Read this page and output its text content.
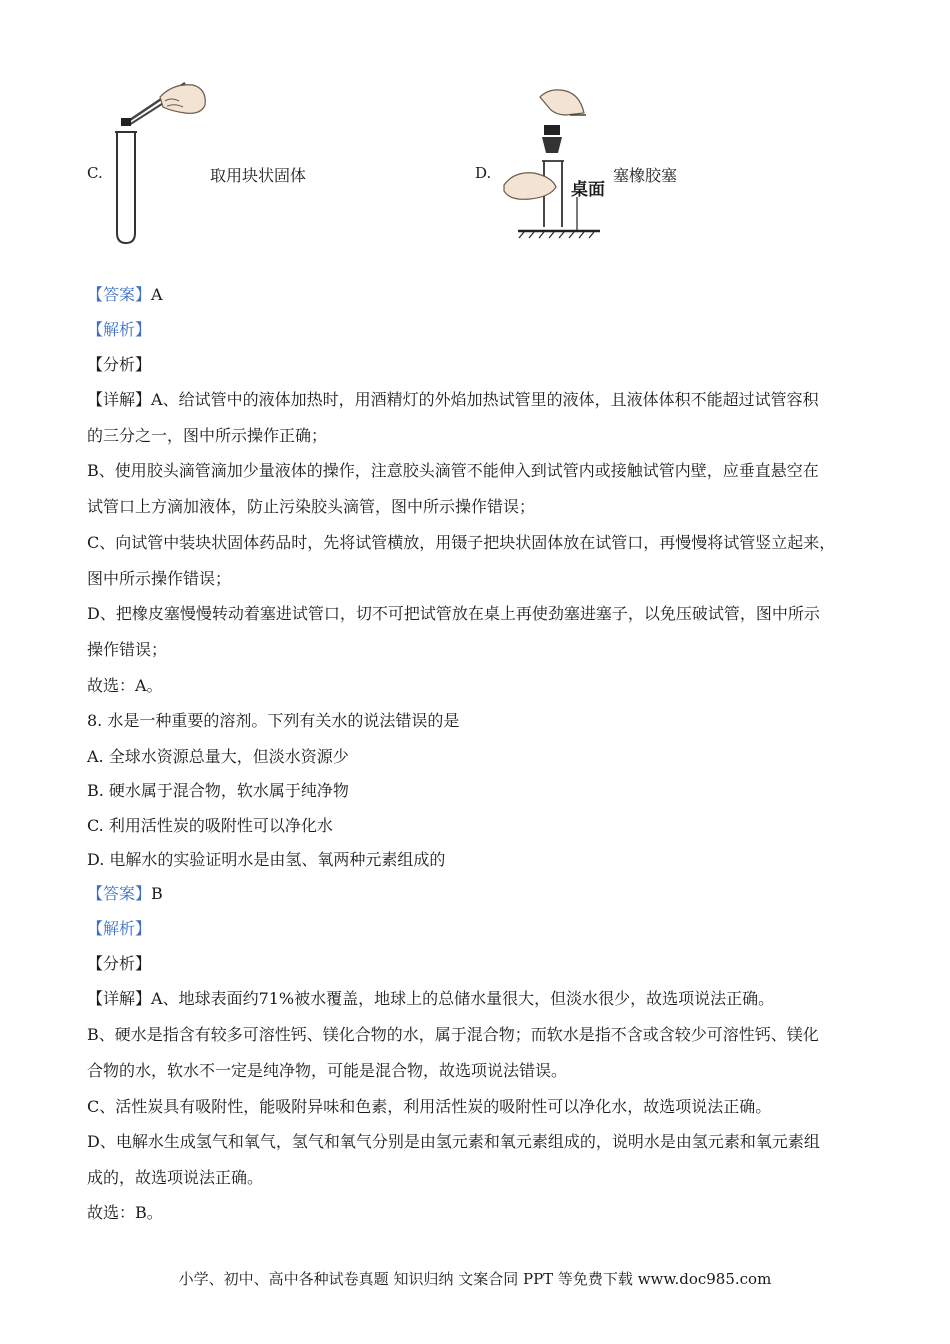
C.	取用块状固体	D.
桌面
塞橡胶塞
【答案】A
【解析】
【分析】
【详解】A、给试管中的液体加热时，用酒精灯的外焰加热试管里的液体，且液体体积不能超过试管容积
的三分之一，图中所示操作正确；
B、使用胶头滴管滴加少量液体的操作，注意胶头滴管不能伸入到试管内或接触试管内壁，应垂直悬空在
试管口上方滴加液体，防止污染胶头滴管，图中所示操作错误；
C、向试管中装块状固体药品时，先将试管横放，用镊子把块状固体放在试管口，再慢慢将试管竖立起来，
图中所示操作错误；
D、把橡皮塞慢慢转动着塞进试管口，切不可把试管放在桌上再使劲塞进塞子，以免压破试管，图中所示
操作错误；
故选：A。
8. 水是一种重要的溶剂。下列有关水的说法错误的是
A. 全球水资源总量大，但淡水资源少
B. 硬水属于混合物，软水属于纯净物
C. 利用活性炭的吸附性可以净化水
D. 电解水的实验证明水是由氢、氧两种元素组成的
【答案】B
【解析】
【分析】
【详解】A、地球表面约71%被水覆盖，地球上的总储水量很大，但淡水很少，故选项说法正确。
B、硬水是指含有较多可溶性钙、镁化合物的水，属于混合物；而软水是指不含或含较少可溶性钙、镁化
合物的水，软水不一定是纯净物，可能是混合物，故选项说法错误。
C、活性炭具有吸附性，能吸附异味和色素，利用活性炭的吸附性可以净化水，故选项说法正确。
D、电解水生成氢气和氧气，氢气和氧气分别是由氢元素和氧元素组成的，说明水是由氢元素和氧元素组
成的，故选项说法正确。
故选：B。
小学、初中、高中各种试卷真题 知识归纳 文案合同 PPT 等免费下载 www.doc985.com
